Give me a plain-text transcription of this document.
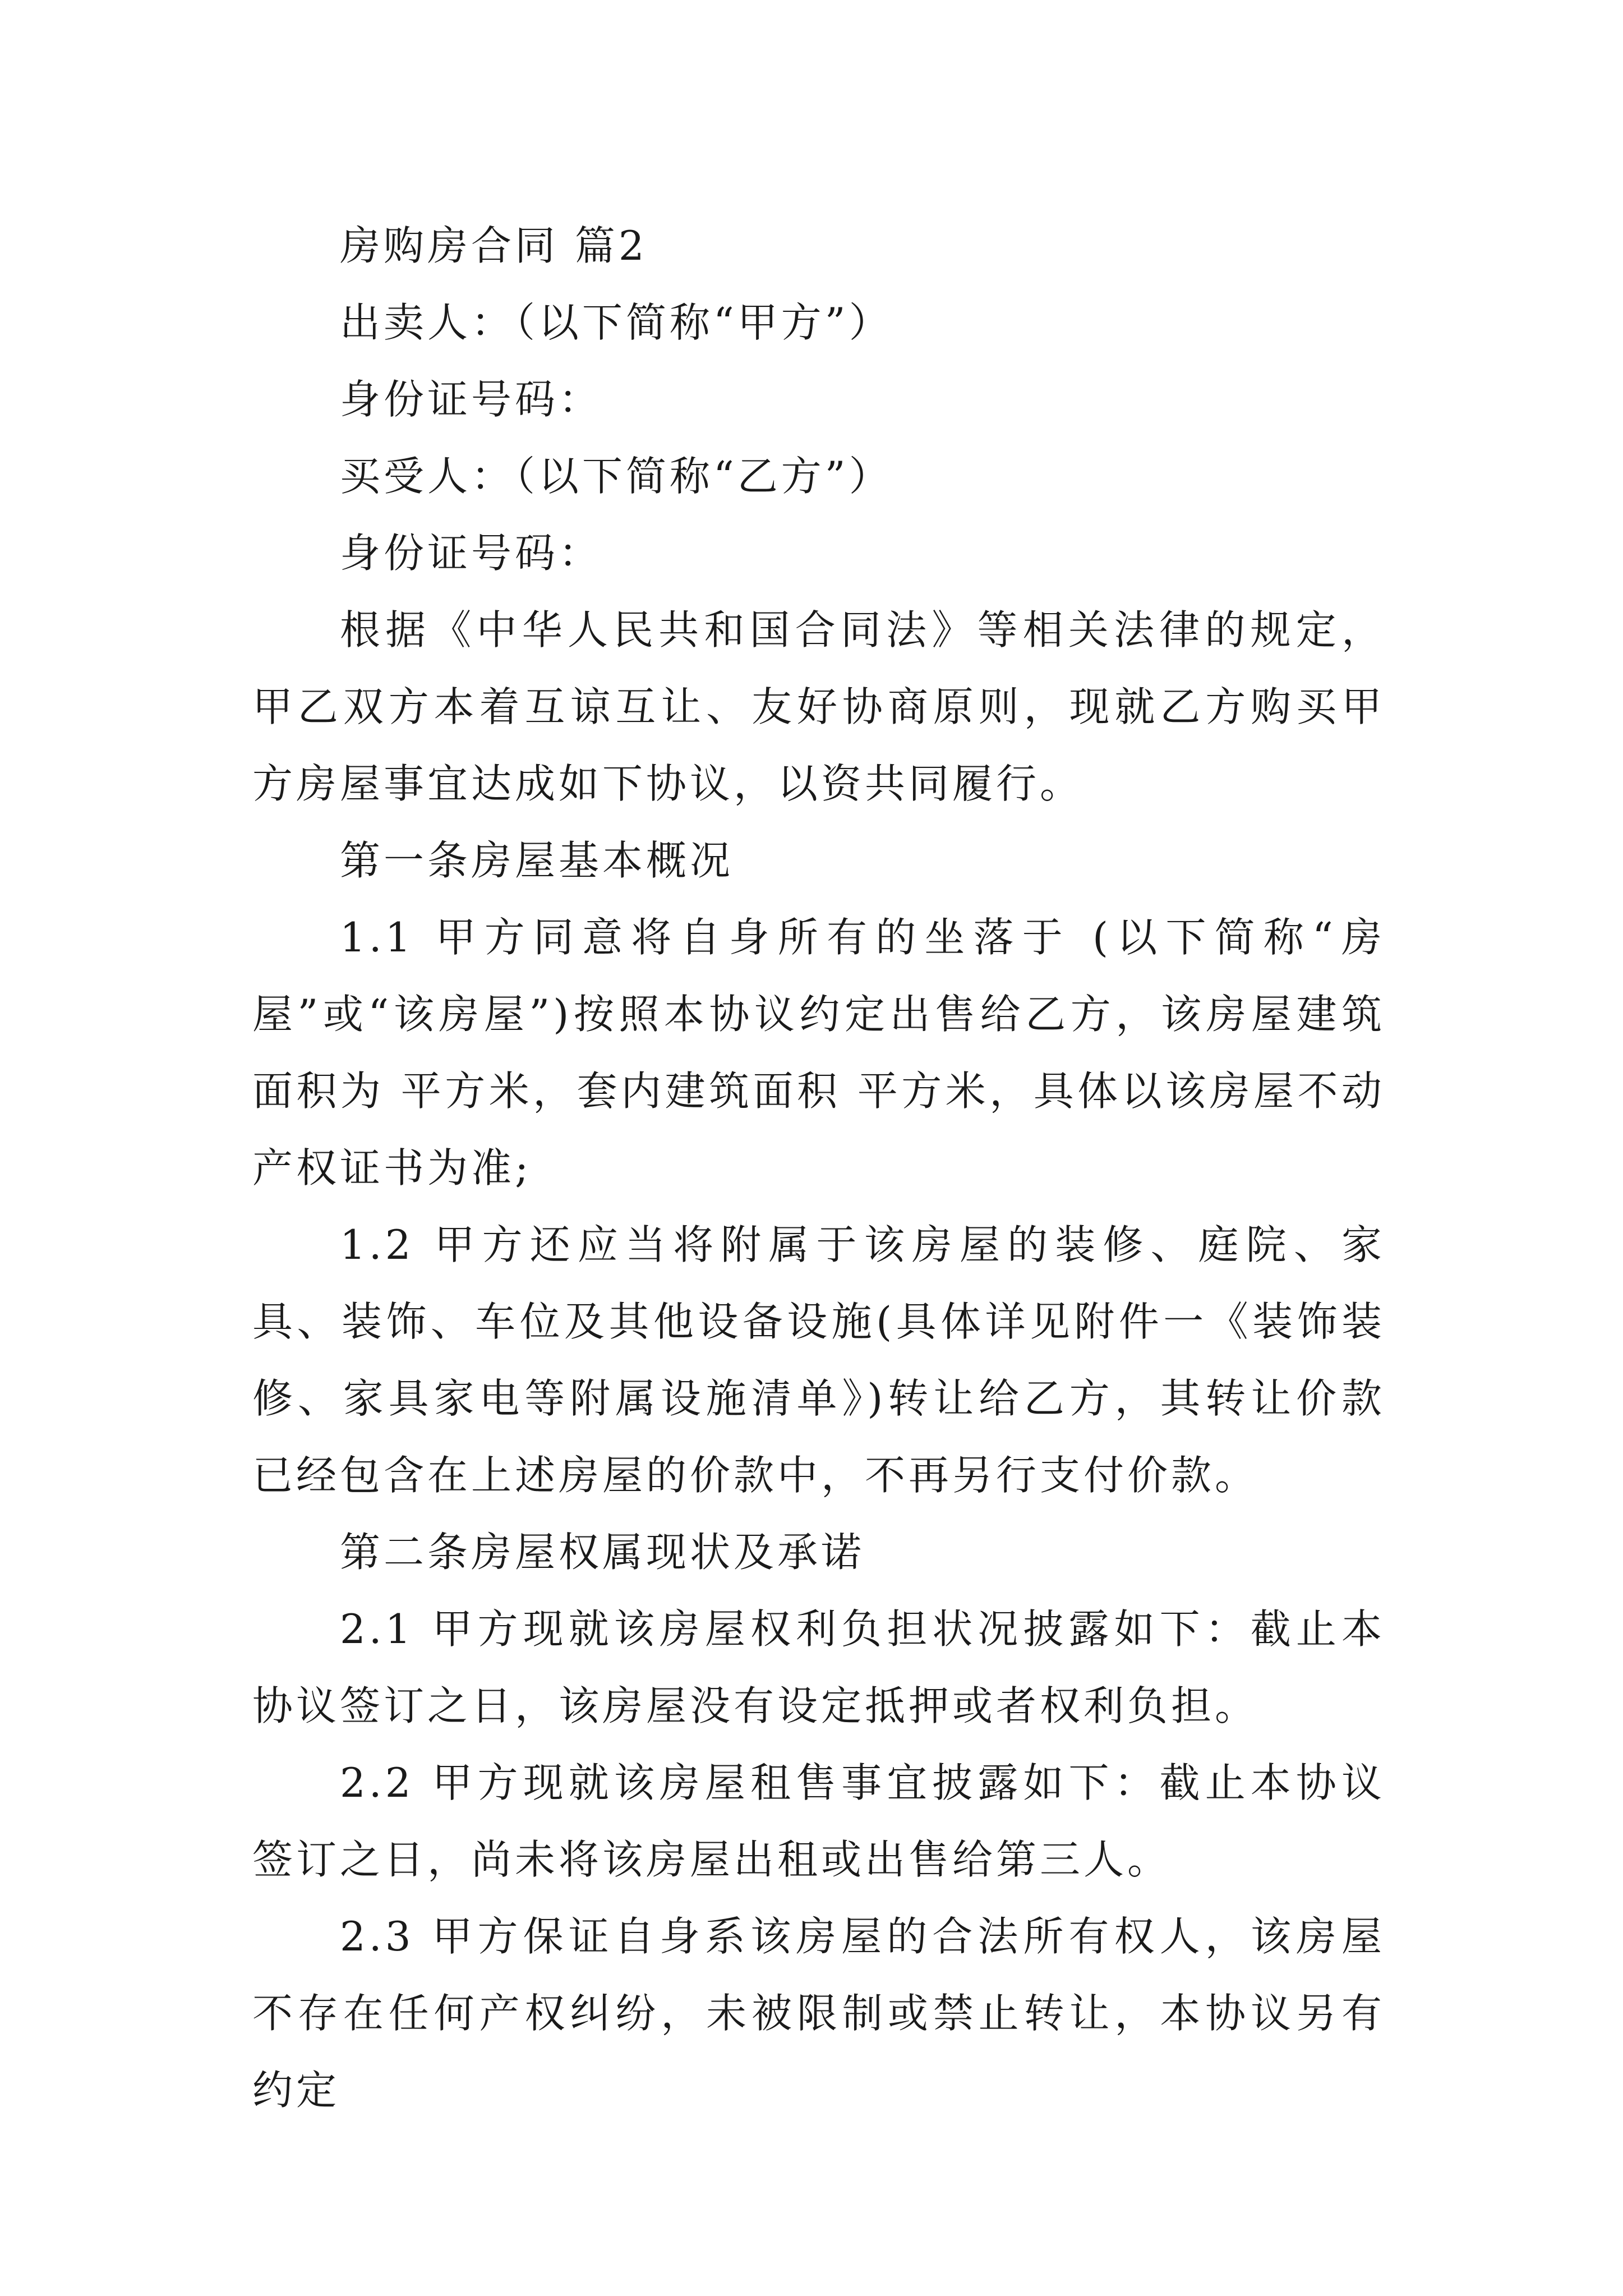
房购房合同 篇2

出卖人：（以下简称“甲方”）

身份证号码：

买受人：（以下简称“乙方”）

身份证号码：

根据《中华人民共和国合同法》等相关法律的规定，甲乙双方本着互谅互让、友好协商原则，现就乙方购买甲方房屋事宜达成如下协议，以资共同履行。

第一条房屋基本概况

1.1 甲方同意将自身所有的坐落于 (以下简称“房屋”或“该房屋”)按照本协议约定出售给乙方，该房屋建筑面积为 平方米，套内建筑面积 平方米，具体以该房屋不动产权证书为准;

1.2 甲方还应当将附属于该房屋的装修、庭院、家具、装饰、车位及其他设备设施(具体详见附件一《装饰装修、家具家电等附属设施清单》)转让给乙方，其转让价款已经包含在上述房屋的价款中，不再另行支付价款。

第二条房屋权属现状及承诺

2.1 甲方现就该房屋权利负担状况披露如下：截止本协议签订之日，该房屋没有设定抵押或者权利负担。

2.2 甲方现就该房屋租售事宜披露如下：截止本协议签订之日，尚未将该房屋出租或出售给第三人。

2.3 甲方保证自身系该房屋的合法所有权人，该房屋不存在任何产权纠纷，未被限制或禁止转让，本协议另有约定
